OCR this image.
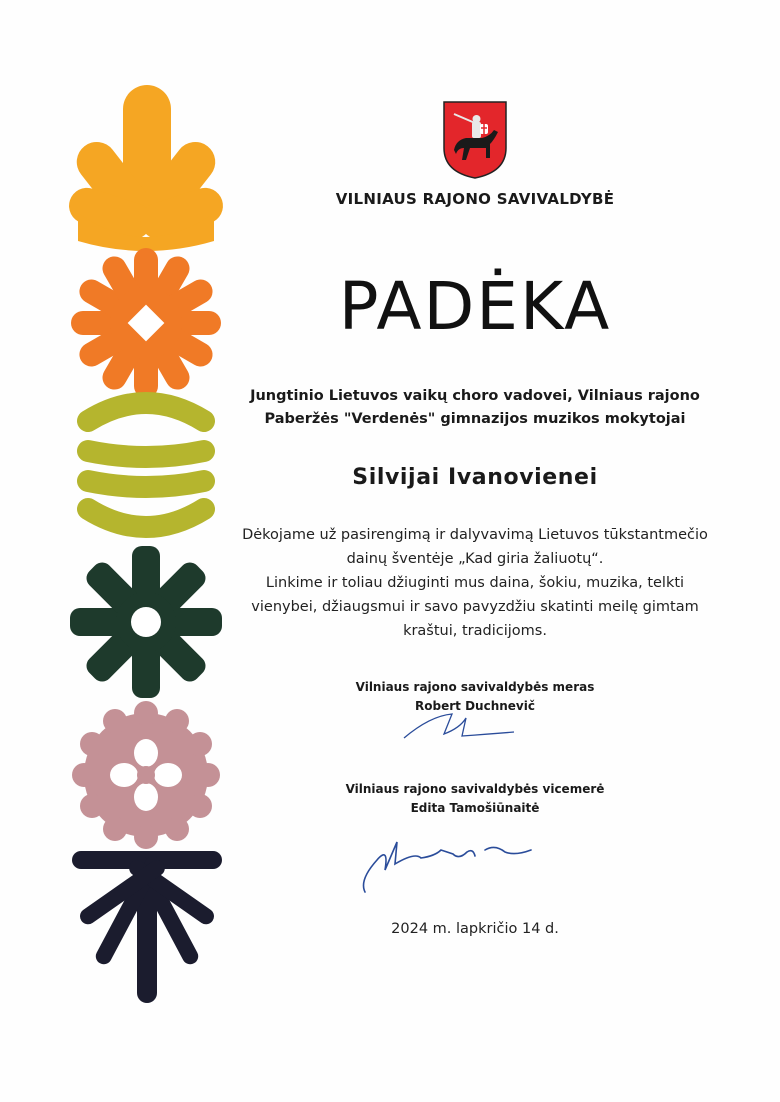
VILNIAUS RAJONO SAVIVALDYBĖ
PADĖKA
Jungtinio Lietuvos vaikų choro vadovei, Vilniaus rajono
Paberžės "Verdenės" gimnazijos muzikos mokytojai
Silvijai Ivanovienei
Dėkojame už pasirengimą ir dalyvavimą Lietuvos tūkstantmečio
dainų šventėje „Kad giria žaliuotų“.
Linkime ir toliau džiuginti mus daina, šokiu, muzika, telkti
vienybei, džiaugsmui ir savo pavyzdžiu skatinti meilę gimtam
kraštui, tradicijoms.
Vilniaus rajono savivaldybės meras
Robert Duchnevič
Vilniaus rajono savivaldybės vicemerė
Edita Tamošiūnaitė
2024 m. lapkričio 14 d.
